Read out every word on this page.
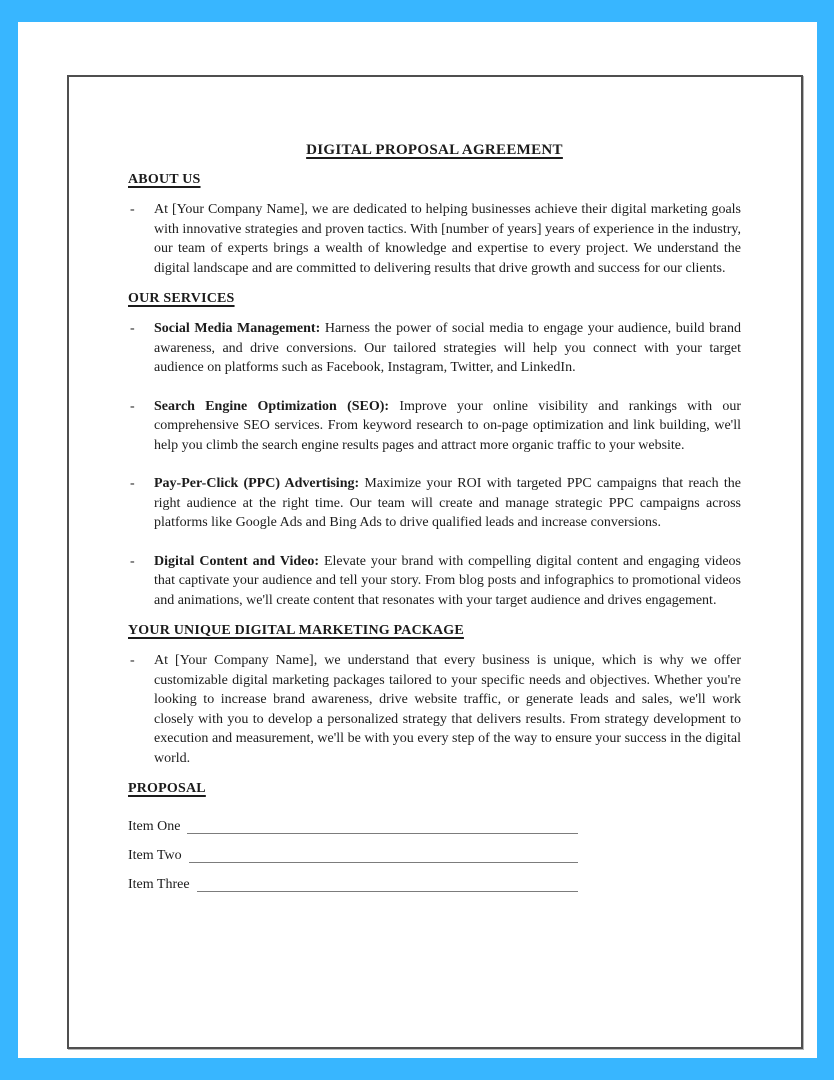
DIGITAL PROPOSAL AGREEMENT
ABOUT US
-	At [Your Company Name], we are dedicated to helping businesses achieve their digital marketing goals with innovative strategies and proven tactics. With [number of years] years of experience in the industry, our team of experts brings a wealth of knowledge and expertise to every project. We understand the digital landscape and are committed to delivering results that drive growth and success for our clients.
OUR SERVICES
-	Social Media Management: Harness the power of social media to engage your audience, build brand awareness, and drive conversions. Our tailored strategies will help you connect with your target audience on platforms such as Facebook, Instagram, Twitter, and LinkedIn.
-	Search Engine Optimization (SEO): Improve your online visibility and rankings with our comprehensive SEO services. From keyword research to on-page optimization and link building, we'll help you climb the search engine results pages and attract more organic traffic to your website.
-	Pay-Per-Click (PPC) Advertising: Maximize your ROI with targeted PPC campaigns that reach the right audience at the right time. Our team will create and manage strategic PPC campaigns across platforms like Google Ads and Bing Ads to drive qualified leads and increase conversions.
-	Digital Content and Video: Elevate your brand with compelling digital content and engaging videos that captivate your audience and tell your story. From blog posts and infographics to promotional videos and animations, we'll create content that resonates with your target audience and drives engagement.
YOUR UNIQUE DIGITAL MARKETING PACKAGE
-	At [Your Company Name], we understand that every business is unique, which is why we offer customizable digital marketing packages tailored to your specific needs and objectives. Whether you're looking to increase brand awareness, drive website traffic, or generate leads and sales, we'll work closely with you to develop a personalized strategy that delivers results. From strategy development to execution and measurement, we'll be with you every step of the way to ensure your success in the digital world.
PROPOSAL
Item One
Item Two
Item Three
